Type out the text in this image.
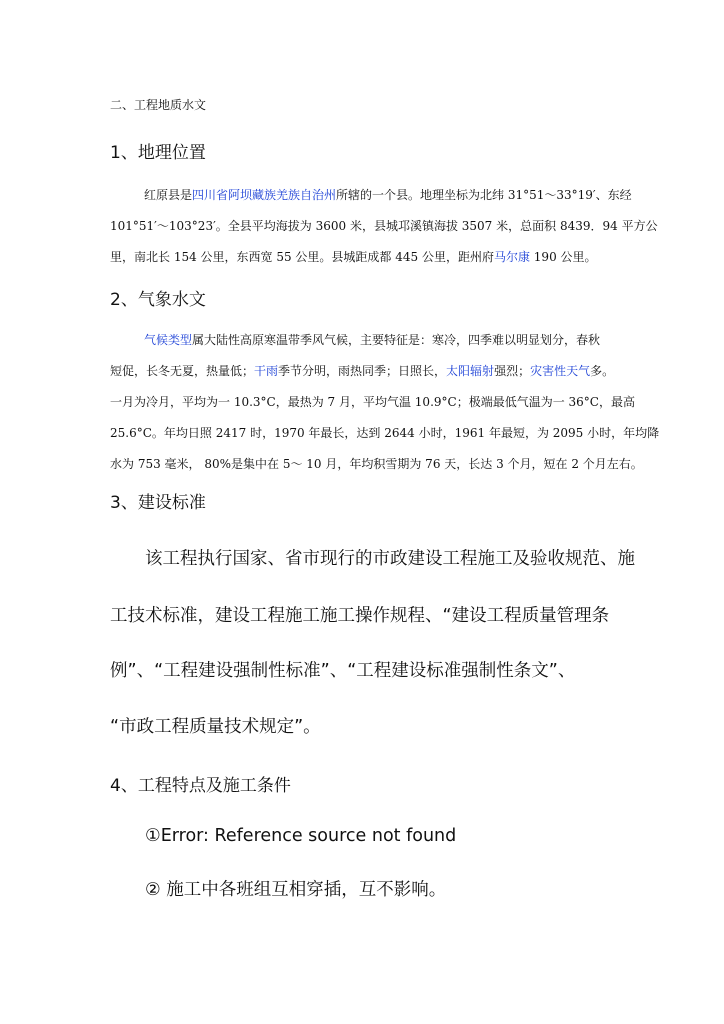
二、工程地质水文
1、地理位置
红原县是四川省阿坝藏族羌族自治州所辖的一个县。地理坐标为北纬 31°51～33°19′、东经
101°51′～103°23′。全县平均海拔为 3600 米，县城邛溪镇海拔 3507 米，总面积 8439．94 平方公
里，南北长 154 公里，东西宽 55 公里。县城距成都 445 公里，距州府马尔康 190 公里。
2、气象水文
气候类型属大陆性高原寒温带季风气候，主要特征是：寒冷，四季难以明显划分，春秋
短促，长冬无夏，热量低；干雨季节分明，雨热同季；日照长，太阳辐射强烈；灾害性天气多。
一月为冷月，平均为一 10.3°C，最热为 7 月，平均气温 10.9°C；极端最低气温为一 36°C，最高
25.6°C。年均日照 2417 时，1970 年最长，达到 2644 小时，1961 年最短，为 2095 小时，年均降
水为 753 毫米， 80%是集中在 5～ 10 月，年均积雪期为 76 天，长达 3 个月，短在 2 个月左右。
3、建设标准
该工程执行国家、省市现行的市政建设工程施工及验收规范、施
工技术标准，建设工程施工施工操作规程、“建设工程质量管理条
例”、“工程建设强制性标准”、“工程建设标准强制性条文”、
“市政工程质量技术规定”。
4、工程特点及施工条件
①Error: Reference source not found
② 施工中各班组互相穿插，互不影响。
